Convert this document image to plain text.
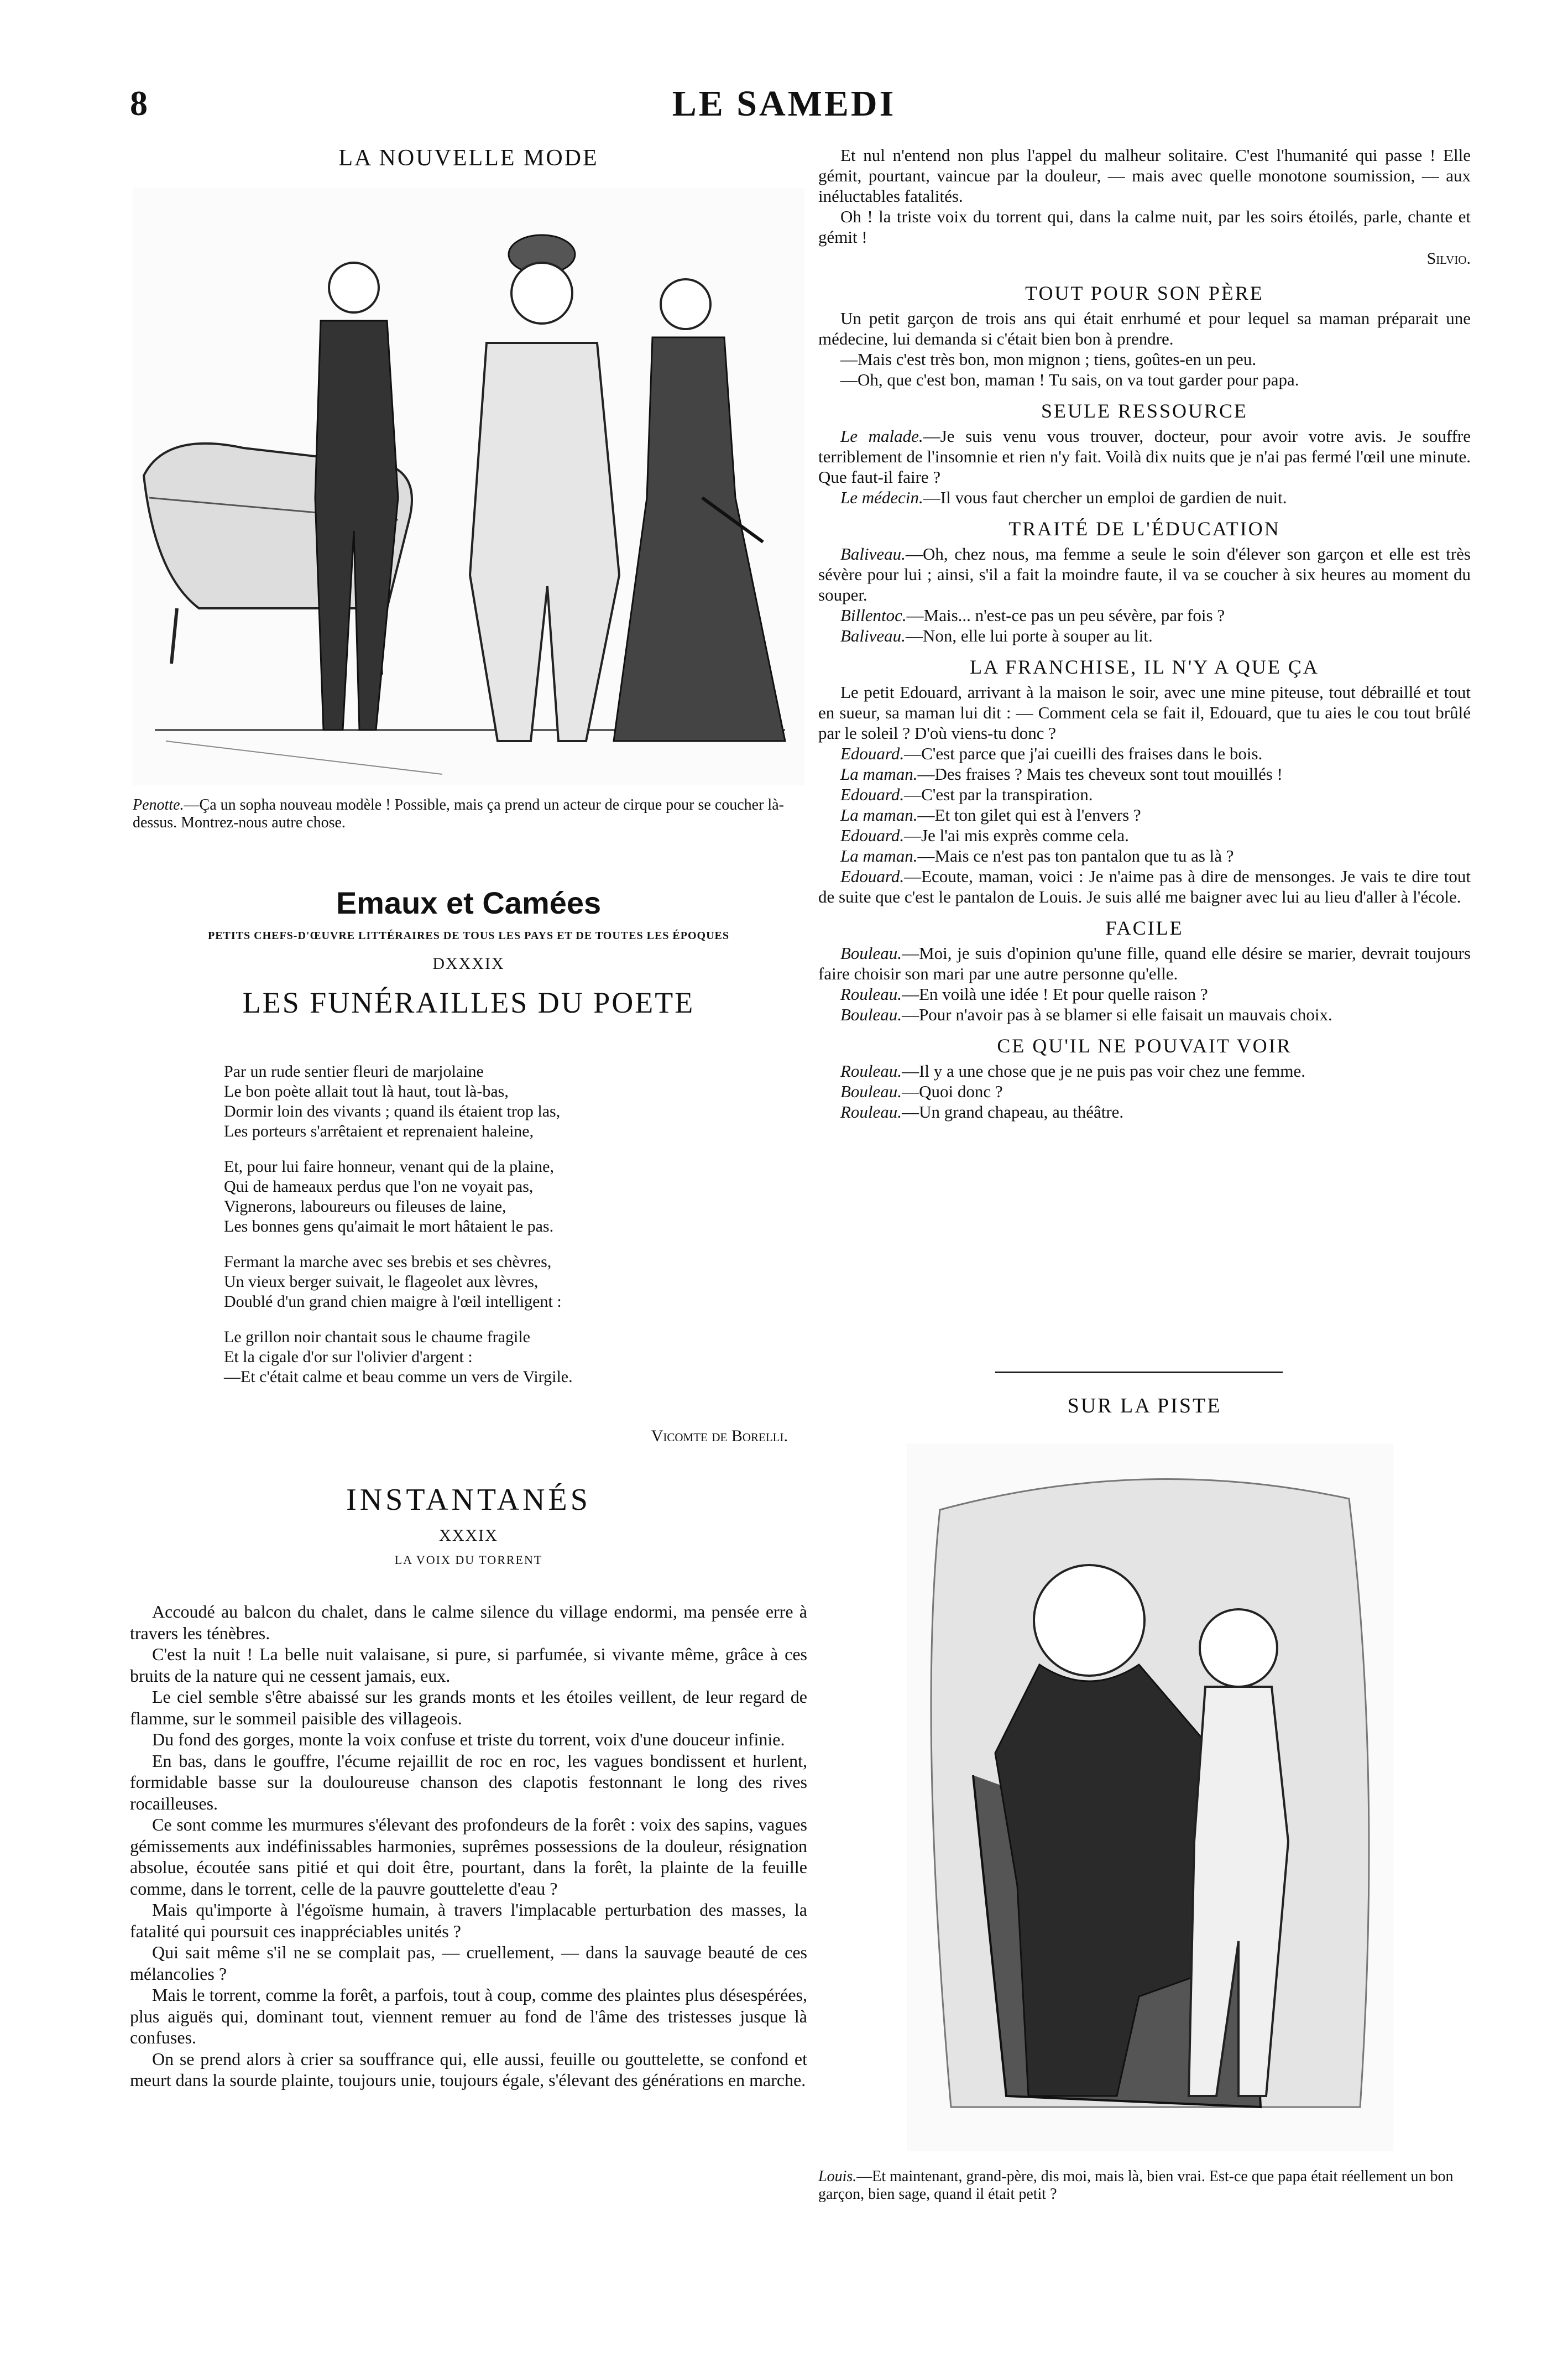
8	LE SAMEDI
LA NOUVELLE MODE
Penotte.—Ça un sopha nouveau modèle ! Possible, mais ça prend un acteur de cirque pour se coucher là-dessus. Montrez-nous autre chose.
Emaux et Camées
PETITS CHEFS-D'ŒUVRE LITTÉRAIRES DE TOUS LES PAYS ET DE TOUTES LES ÉPOQUES
DXXXIX
LES FUNÉRAILLES DU POETE
Par un rude sentier fleuri de marjolaine
Le bon poète allait tout là haut, tout là-bas,
Dormir loin des vivants ; quand ils étaient trop las,
Les porteurs s'arrêtaient et reprenaient haleine,
Et, pour lui faire honneur, venant qui de la plaine,
Qui de hameaux perdus que l'on ne voyait pas,
Vignerons, laboureurs ou fileuses de laine,
Les bonnes gens qu'aimait le mort hâtaient le pas.
Fermant la marche avec ses brebis et ses chèvres,
Un vieux berger suivait, le flageolet aux lèvres,
Doublé d'un grand chien maigre à l'œil intelligent :
Le grillon noir chantait sous le chaume fragile
Et la cigale d'or sur l'olivier d'argent :
—Et c'était calme et beau comme un vers de Virgile.
Vicomte de Borelli.
INSTANTANÉS
XXXIX
LA VOIX DU TORRENT

Accoudé au balcon du chalet, dans le calme silence du village endormi, ma pensée erre à travers les ténèbres.

C'est la nuit ! La belle nuit valaisane, si pure, si parfumée, si vivante même, grâce à ces bruits de la nature qui ne cessent jamais, eux.

Le ciel semble s'être abaissé sur les grands monts et les étoiles veillent, de leur regard de flamme, sur le sommeil paisible des villageois.

Du fond des gorges, monte la voix confuse et triste du torrent, voix d'une douceur infinie.

En bas, dans le gouffre, l'écume rejaillit de roc en roc, les vagues bondissent et hurlent, formidable basse sur la douloureuse chanson des clapotis festonnant le long des rives rocailleuses.

Ce sont comme les murmures s'élevant des profondeurs de la forêt : voix des sapins, vagues gémissements aux indéfinissables harmonies, suprêmes possessions de la douleur, résignation absolue, écoutée sans pitié et qui doit être, pourtant, dans la forêt, la plainte de la feuille comme, dans le torrent, celle de la pauvre gouttelette d'eau ?

Mais qu'importe à l'égoïsme humain, à travers l'implacable perturbation des masses, la fatalité qui poursuit ces inappréciables unités ?

Qui sait même s'il ne se complait pas, — cruellement, — dans la sauvage beauté de ces mélancolies ?

Mais le torrent, comme la forêt, a parfois, tout à coup, comme des plaintes plus désespérées, plus aiguës qui, dominant tout, viennent remuer au fond de l'âme des tristesses jusque là confuses.

On se prend alors à crier sa souffrance qui, elle aussi, feuille ou gouttelette, se confond et meurt dans la sourde plainte, toujours unie, toujours égale, s'élevant des générations en marche.

Et nul n'entend non plus l'appel du malheur solitaire. C'est l'humanité qui passe ! Elle gémit, pourtant, vaincue par la douleur, — mais avec quelle monotone soumission, — aux inéluctables fatalités.

Oh ! la triste voix du torrent qui, dans la calme nuit, par les soirs étoilés, parle, chante et gémit !

Silvio.
TOUT POUR SON PÈRE

Un petit garçon de trois ans qui était enrhumé et pour lequel sa maman préparait une médecine, lui demanda si c'était bien bon à prendre.

—Mais c'est très bon, mon mignon ; tiens, goûtes-en un peu.

—Oh, que c'est bon, maman ! Tu sais, on va tout garder pour papa.

SEULE RESSOURCE

Le malade.—Je suis venu vous trouver, docteur, pour avoir votre avis. Je souffre terriblement de l'insomnie et rien n'y fait. Voilà dix nuits que je n'ai pas fermé l'œil une minute. Que faut-il faire ?

Le médecin.—Il vous faut chercher un emploi de gardien de nuit.

TRAITÉ DE L'ÉDUCATION

Baliveau.—Oh, chez nous, ma femme a seule le soin d'élever son garçon et elle est très sévère pour lui ; ainsi, s'il a fait la moindre faute, il va se coucher à six heures au moment du souper.

Billentoc.—Mais... n'est-ce pas un peu sévère, par fois ?

Baliveau.—Non, elle lui porte à souper au lit.

LA FRANCHISE, IL N'Y A QUE ÇA

Le petit Edouard, arrivant à la maison le soir, avec une mine piteuse, tout débraillé et tout en sueur, sa maman lui dit : — Comment cela se fait il, Edouard, que tu aies le cou tout brûlé par le soleil ? D'où viens-tu donc ?

Edouard.—C'est parce que j'ai cueilli des fraises dans le bois.

La maman.—Des fraises ? Mais tes cheveux sont tout mouillés !

Edouard.—C'est par la transpiration.

La maman.—Et ton gilet qui est à l'envers ?

Edouard.—Je l'ai mis exprès comme cela.

La maman.—Mais ce n'est pas ton pantalon que tu as là ?

Edouard.—Ecoute, maman, voici : Je n'aime pas à dire de mensonges. Je vais te dire tout de suite que c'est le pantalon de Louis. Je suis allé me baigner avec lui au lieu d'aller à l'école.

FACILE

Bouleau.—Moi, je suis d'opinion qu'une fille, quand elle désire se marier, devrait toujours faire choisir son mari par une autre personne qu'elle.

Rouleau.—En voilà une idée ! Et pour quelle raison ?

Bouleau.—Pour n'avoir pas à se blamer si elle faisait un mauvais choix.

CE QU'IL NE POUVAIT VOIR

Rouleau.—Il y a une chose que je ne puis pas voir chez une femme.

Bouleau.—Quoi donc ?

Rouleau.—Un grand chapeau, au théâtre.

SUR LA PISTE
Louis.—Et maintenant, grand-père, dis moi, mais là, bien vrai. Est-ce que papa était réellement un bon garçon, bien sage, quand il était petit ?
